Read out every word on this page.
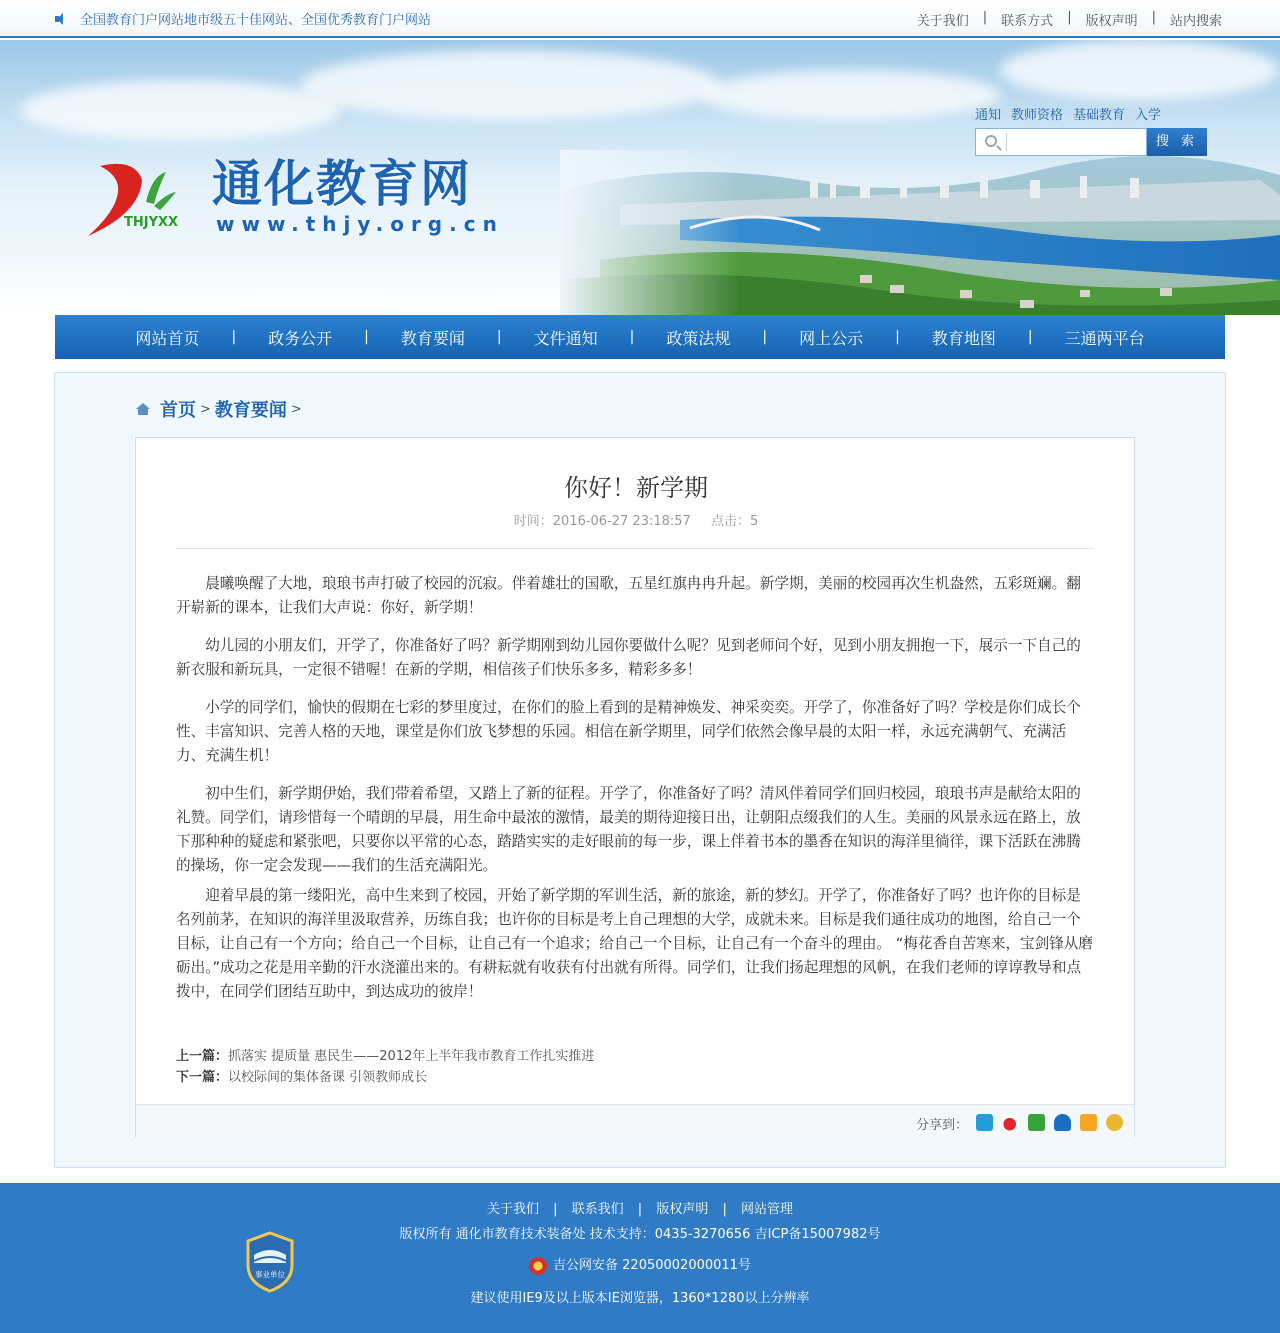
全国教育门户网站地市级五十佳网站、全国优秀教育门户网站	关于我们 | 联系方式 | 版权声明 | 站内搜索
THJYXX
通化教育网
www.thjy.org.cn
通知 教师资格 基础教育 入学
搜 索
网站首页	|	政务公开	|	教育要闻	|	文件通知	|	政策法规	|	网上公示	|	教育地图	|	三通两平台
首页 > 教育要闻 >
你好！新学期
时间：2016-06-27 23:18:57 点击：5

晨曦唤醒了大地，琅琅书声打破了校园的沉寂。伴着雄壮的国歌，五星红旗冉冉升起。新学期，美丽的校园再次生机盎然，五彩斑斓。翻开崭新的课本，让我们大声说：你好，新学期！

幼儿园的小朋友们，开学了，你准备好了吗？新学期刚到幼儿园你要做什么呢？见到老师问个好，见到小朋友拥抱一下，展示一下自己的新衣服和新玩具，一定很不错喔！在新的学期，相信孩子们快乐多多，精彩多多！

小学的同学们，愉快的假期在七彩的梦里度过，在你们的脸上看到的是精神焕发、神采奕奕。开学了，你准备好了吗？学校是你们成长个性、丰富知识、完善人格的天地，课堂是你们放飞梦想的乐园。相信在新学期里，同学们依然会像早晨的太阳一样，永远充满朝气、充满活力、充满生机！

初中生们，新学期伊始，我们带着希望，又踏上了新的征程。开学了，你准备好了吗？清风伴着同学们回归校园，琅琅书声是献给太阳的礼赞。同学们，请珍惜每一个晴朗的早晨，用生命中最浓的激情，最美的期待迎接日出，让朝阳点缀我们的人生。美丽的风景永远在路上，放下那种种的疑虑和紧张吧，只要你以平常的心态，踏踏实实的走好眼前的每一步，课上伴着书本的墨香在知识的海洋里徜徉，课下活跃在沸腾的操场，你一定会发现——我们的生活充满阳光。

迎着早晨的第一缕阳光，高中生来到了校园，开始了新学期的军训生活，新的旅途，新的梦幻。开学了，你准备好了吗？也许你的目标是名列前茅，在知识的海洋里汲取营养，历练自我；也许你的目标是考上自己理想的大学，成就未来。目标是我们通往成功的地图，给自己一个目标，让自己有一个方向；给自己一个目标，让自己有一个追求；给自己一个目标，让自己有一个奋斗的理由。 “梅花香自苦寒来，宝剑锋从磨砺出。”成功之花是用辛勤的汗水浇灌出来的。有耕耘就有收获有付出就有所得。同学们，让我们扬起理想的风帆，在我们老师的谆谆教导和点拨中，在同学们团结互助中，到达成功的彼岸！

上一篇：抓落实 提质量 惠民生——2012年上半年我市教育工作扎实推进
下一篇：以校际间的集体备课 引领教师成长
分享到：
关于我们 | 联系我们 | 版权声明 | 网站管理
版权所有 通化市教育技术装备处 技术支持：0435-3270656 吉ICP备15007982号
吉公网安备 22050002000011号
建议使用IE9及以上版本IE浏览器，1360*1280以上分辨率
事业单位
